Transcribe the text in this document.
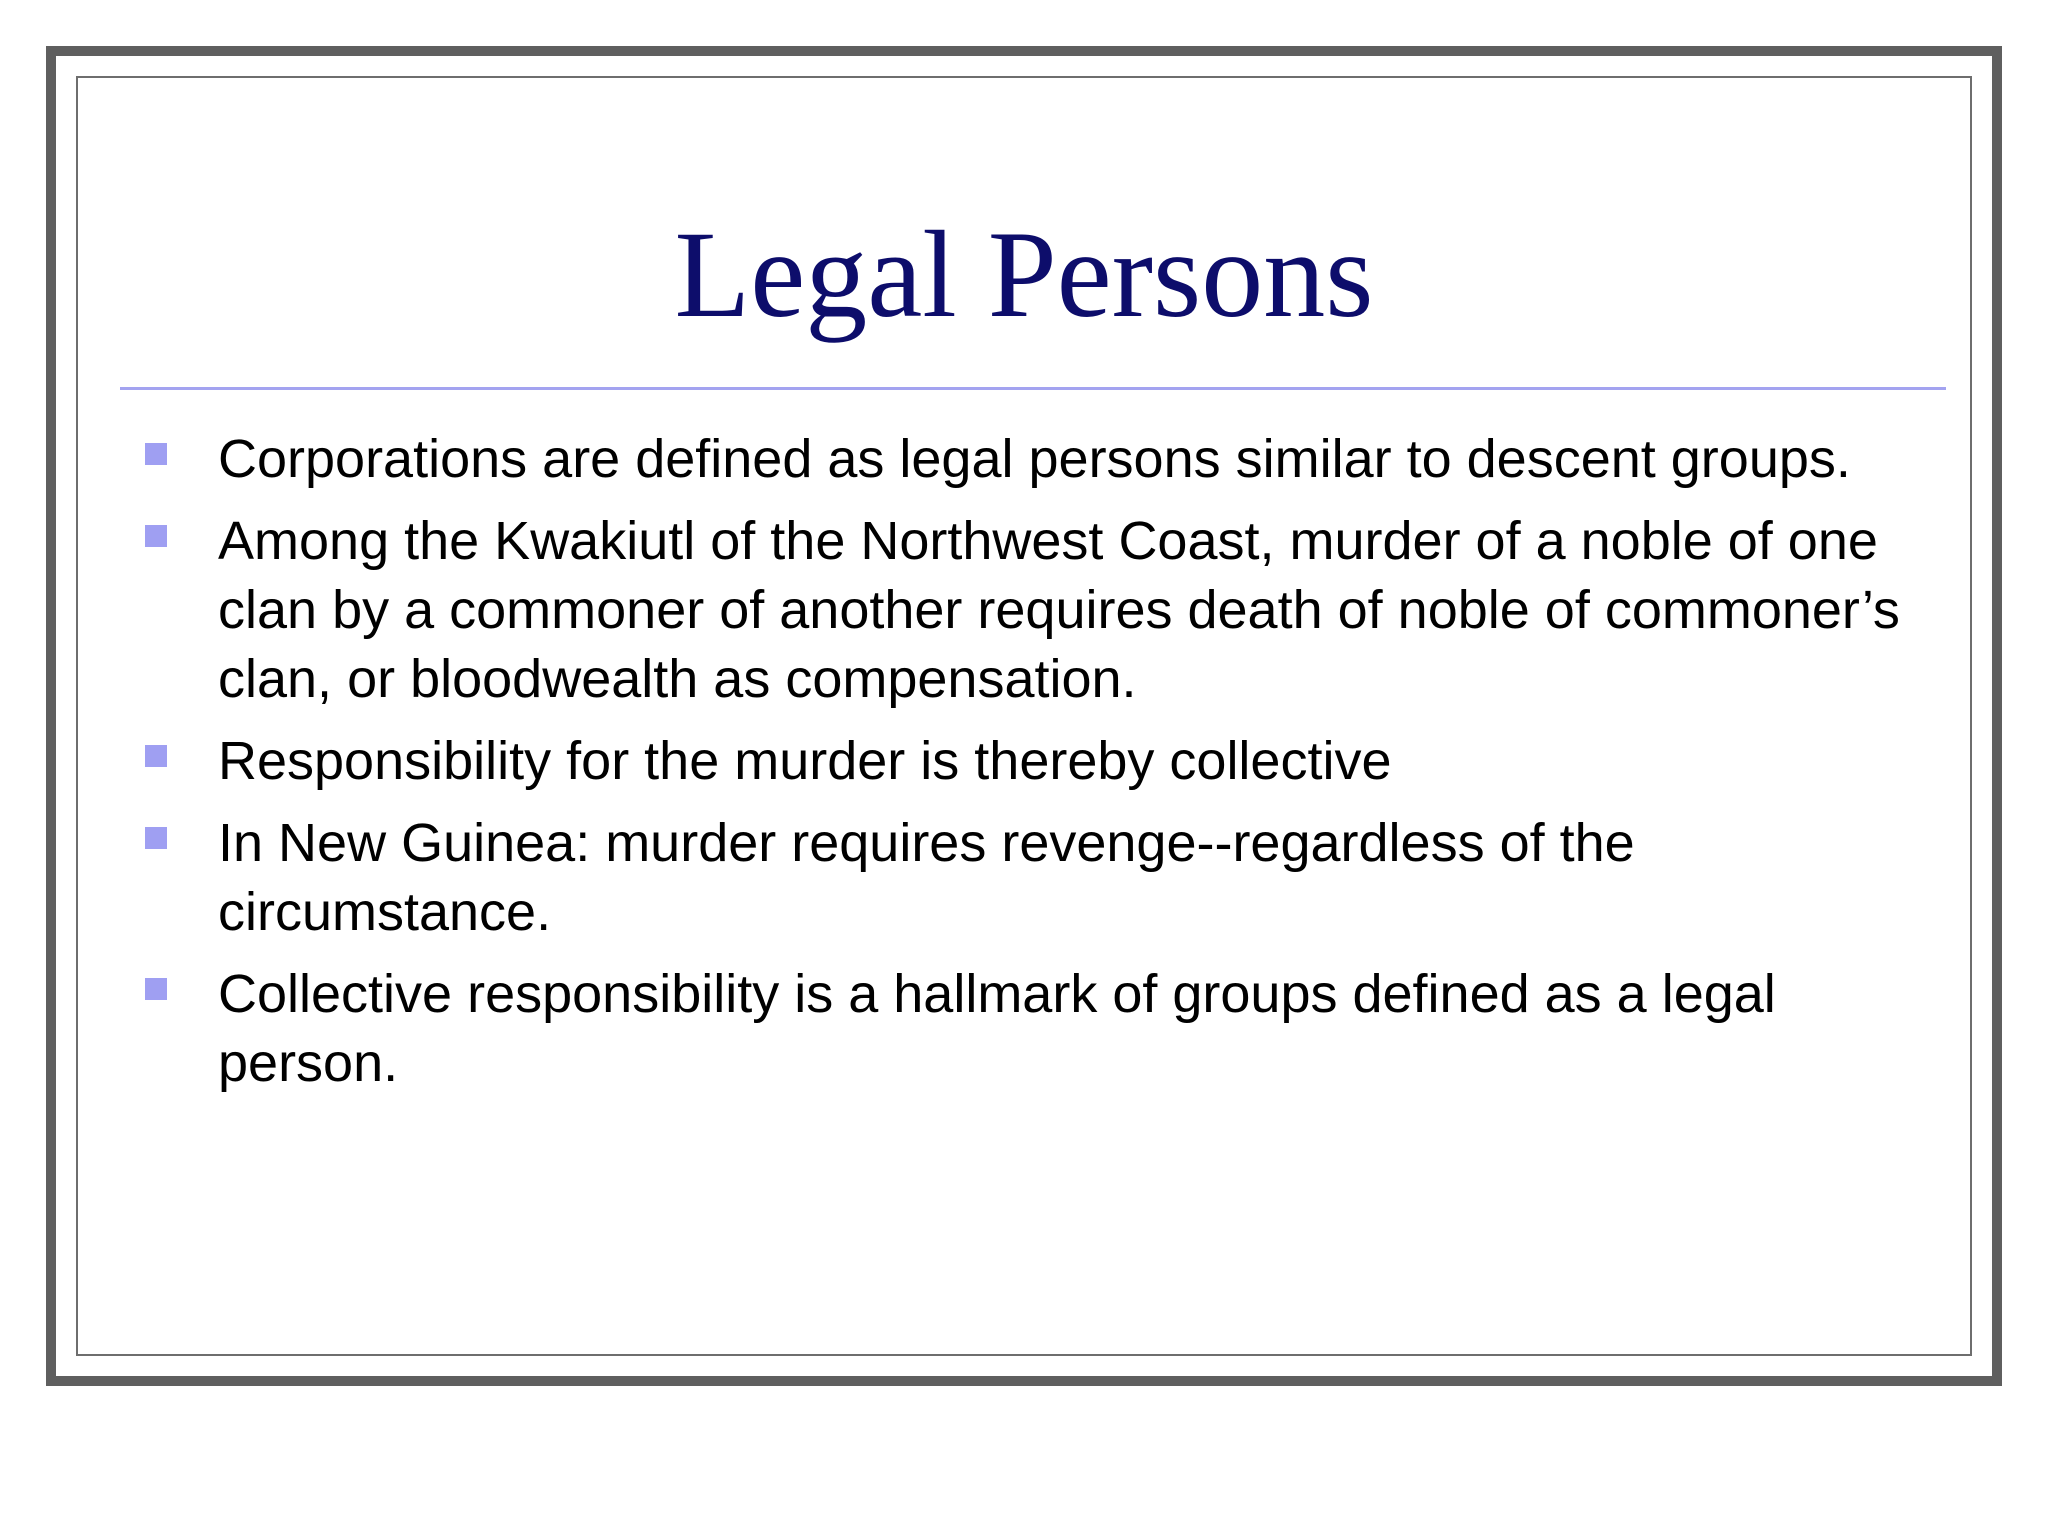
Legal Persons
Corporations are defined as legal persons similar to descent groups.
Among the Kwakiutl of the Northwest Coast, murder of a noble of one clan by a commoner of another requires death of noble of commoner’s clan, or bloodwealth as compensation.
Responsibility for the murder is thereby collective
In New Guinea: murder requires revenge--regardless of the circumstance.
Collective responsibility is a hallmark of groups defined as a legal person.
